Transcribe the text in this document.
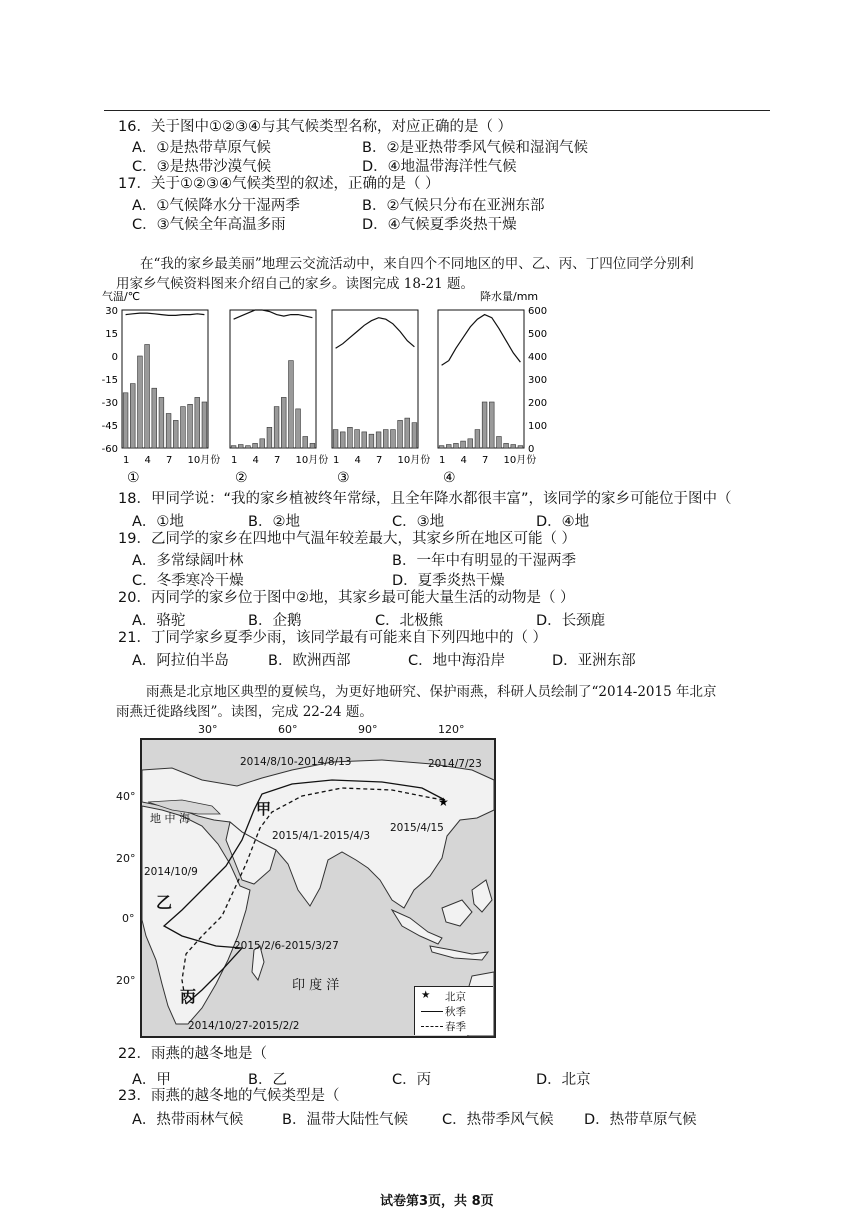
16．关于图中①②③④与其气候类型名称，对应正确的是（ ）
A．①是热带草原气候	B．②是亚热带季风气候和湿润气候
C．③是热带沙漠气候	D．④地温带海洋性气候
17．关于①②③④气候类型的叙述，正确的是（ ）
A．①气候降水分干湿两季	B．②气候只分布在亚洲东部
C．③气候全年高温多雨	D．④气候夏季炎热干燥
在“我的家乡最美丽”地理云交流活动中，来自四个不同地区的甲、乙、丙、丁四位同学分别利
用家乡气候资料图来介绍自己的家乡。读图完成 18-21 题。
气温/℃	降水量/mm
30
15
0
-15
-30
-45
-60
600
500
400
300
200
100
0
1 4 7 10月份
①
1 4 7 10月份
②
1 4 7 10月份
③
1 4 7 10月份
④
18．甲同学说：“我的家乡植被终年常绿，且全年降水都很丰富”，该同学的家乡可能位于图中（
A．①地	B．②地	C．③地	D．④地
19．乙同学的家乡在四地中气温年较差最大，其家乡所在地区可能（ ）
A．多常绿阔叶林	B．一年中有明显的干湿两季
C．冬季寒冷干燥	D．夏季炎热干燥
20．丙同学的家乡位于图中②地，其家乡最可能大量生活的动物是（ ）
A．骆驼	B．企鹅	C．北极熊	D．长颈鹿
21．丁同学家乡夏季少雨，该同学最有可能来自下列四地中的（ ）
A．阿拉伯半岛	B．欧洲西部	C．地中海沿岸	D．亚洲东部
雨燕是北京地区典型的夏候鸟，为更好地研究、保护雨燕，科研人员绘制了“2014-2015 年北京
雨燕迁徙路线图”。读图，完成 22-24 题。
30°	60°	90°	120°
40°
20°
0°
20°
★
2014/8/10-2014/8/13	2014/7/23
2015/4/15
2015/4/1-2015/4/3
2014/10/9
2015/2/6-2015/3/27
2014/10/27-2015/2/2
甲
乙
丙
地 中 海
印 度 洋
★ 北京
秋季
春季
22．雨燕的越冬地是（
A．甲	B．乙	C．丙	D．北京
23．雨燕的越冬地的气候类型是（
A．热带雨林气候	B．温带大陆性气候 C．热带季风气候 D．热带草原气候
试卷第3页，共 8页
